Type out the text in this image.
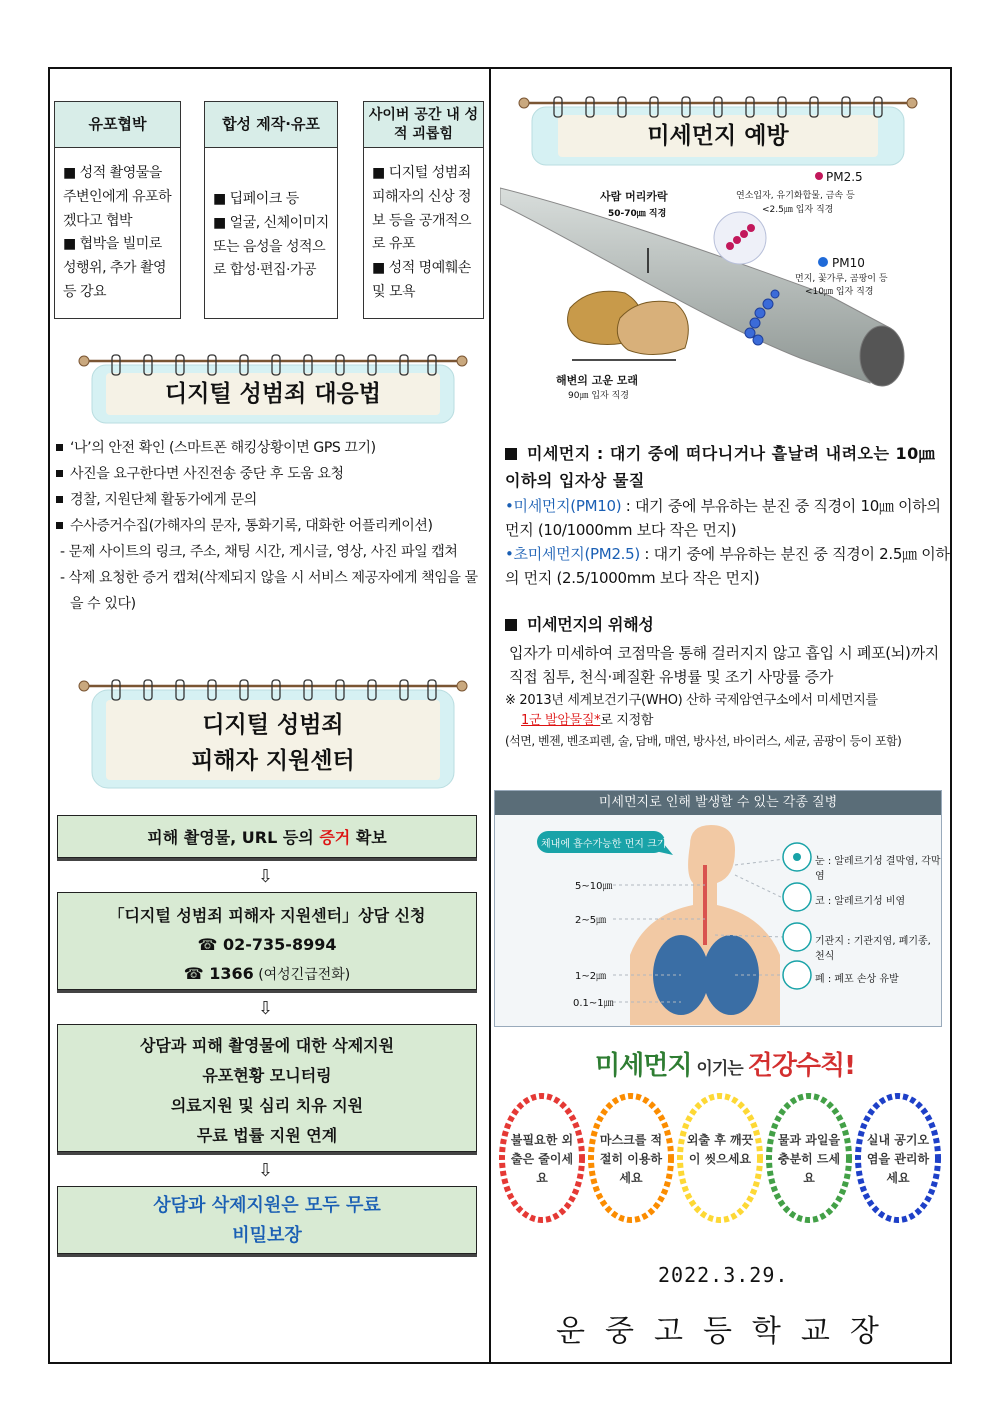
유포협박
■ 성적 촬영물을 주변인에게 유포하겠다고 협박
■ 협박을 빌미로 성행위, 추가 촬영 등 강요
합성 제작·유포
■ 딥페이크 등
■ 얼굴, 신체이미지 또는 음성을 성적으로 합성·편집·가공
사이버 공간 내 성적 괴롭힘
■ 디지털 성범죄 피해자의 신상 정보 등을 공개적으로 유포
■ 성적 명예훼손 및 모욕
디지털 성범죄 대응법
‘나’의 안전 확인 (스마트폰 해킹상황이면 GPS 끄기)
사진을 요구한다면 사진전송 중단 후 도움 요청
경찰, 지원단체 활동가에게 문의
수사증거수집(가해자의 문자, 통화기록, 대화한 어플리케이션)
- 문제 사이트의 링크, 주소, 채팅 시간, 게시글, 영상, 사진 파일 캡쳐
- 삭제 요청한 증거 캡쳐(삭제되지 않을 시 서비스 제공자에게 책임을 물을 수 있다)
디지털 성범죄
피해자 지원센터
피해 촬영물, URL 등의 증거 확보
⇩
「디지털 성범죄 피해자 지원센터」상담 신청
☎ 02-735-8994
☎ 1366 (여성긴급전화)
⇩
상담과 피해 촬영물에 대한 삭제지원
유포현황 모니터링
의료지원 및 심리 치유 지원
무료 법률 지원 연계
⇩
상담과 삭제지원은 모두 무료
비밀보장
미세먼지 예방
사람 머리카락
50-70㎛ 직경
PM2.5
연소입자, 유기화합물, 금속 등
<2.5㎛ 입자 직경
PM10
먼지, 꽃가루, 곰팡이 등
<10㎛ 입자 직경
해변의 고운 모래
90㎛ 입자 직경
미세먼지 : 대기 중에 떠다니거나 흩날려 내려오는 10㎛ 이하의 입자상 물질
•미세먼지(PM10) : 대기 중에 부유하는 분진 중 직경이 10㎛ 이하의 먼지 (10/1000mm 보다 작은 먼지)
•초미세먼지(PM2.5) : 대기 중에 부유하는 분진 중 직경이 2.5㎛ 이하의 먼지 (2.5/1000mm 보다 작은 먼지)
미세먼지의 위해성
입자가 미세하여 코점막을 통해 걸러지지 않고 흡입 시 폐포(뇌)까지 직접 침투, 천식·폐질환 유병률 및 조기 사망률 증가
※ 2013년 세계보건기구(WHO) 산하 국제암연구소에서 미세먼지를
1군 발암물질*로 지정함
(석면, 벤젠, 벤조피렌, 술, 담배, 매연, 방사선, 바이러스, 세균, 곰팡이 등이 포함)
미세먼지로 인해 발생할 수 있는 각종 질병
체내에 흡수가능한 먼지 크기
5~10㎛
2~5㎛
1~2㎛
0.1~1㎛
눈 : 알레르기성 결막염, 각막염
코 : 알레르기성 비염
기관지 : 기관지염, 폐기종, 천식
폐 : 폐포 손상 유발
미세먼지 이기는 건강수칙!
불필요한 외출은 줄이세요
마스크를 적절히 이용하세요
외출 후 깨끗이 씻으세요
물과 과일을 충분히 드세요
실내 공기오염을 관리하세요
2022.3.29.
운중고등학교장
